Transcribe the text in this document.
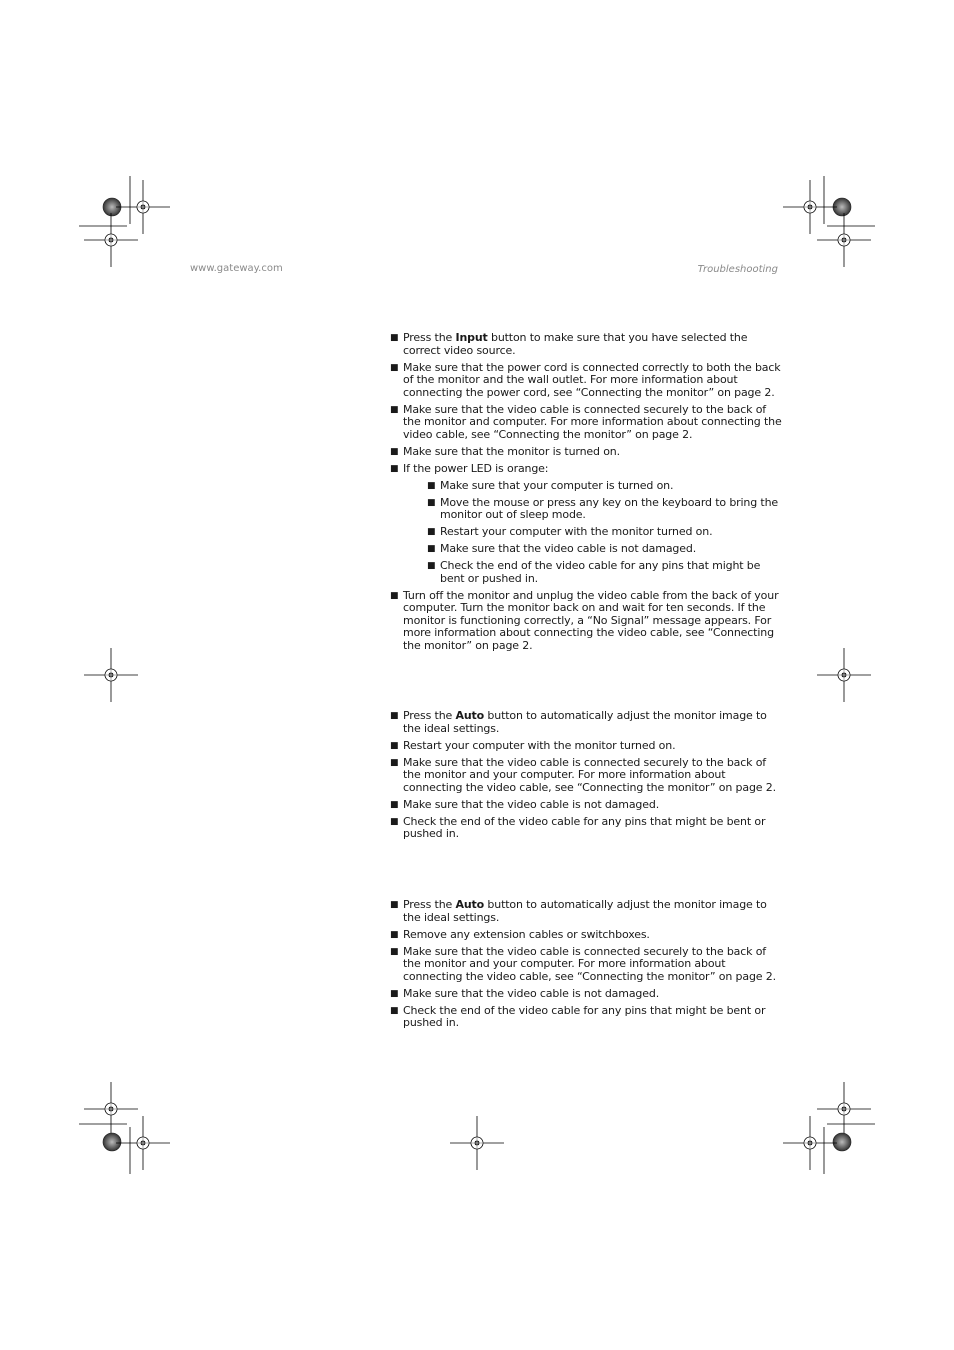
www.gateway.com	Troubleshooting
■ Press the Input button to make sure that you have selected the correct video source.
■ Make sure that the power cord is connected correctly to both the back of the monitor and the wall outlet. For more information about connecting the power cord, see “Connecting the monitor” on page 2.
■ Make sure that the video cable is connected securely to the back of the monitor and computer. For more information about connecting the video cable, see “Connecting the monitor” on page 2.
■ Make sure that the monitor is turned on.
■ If the power LED is orange:
■ Make sure that your computer is turned on.
■ Move the mouse or press any key on the keyboard to bring the monitor out of sleep mode.
■ Restart your computer with the monitor turned on.
■ Make sure that the video cable is not damaged.
■ Check the end of the video cable for any pins that might be bent or pushed in.
■ Turn off the monitor and unplug the video cable from the back of your computer. Turn the monitor back on and wait for ten seconds. If the monitor is functioning correctly, a “No Signal” message appears. For more information about connecting the video cable, see “Connecting the monitor” on page 2.
■ Press the Auto button to automatically adjust the monitor image to the ideal settings.
■ Restart your computer with the monitor turned on.
■ Make sure that the video cable is connected securely to the back of the monitor and your computer. For more information about connecting the video cable, see “Connecting the monitor” on page 2.
■ Make sure that the video cable is not damaged.
■ Check the end of the video cable for any pins that might be bent or pushed in.
■ Press the Auto button to automatically adjust the monitor image to the ideal settings.
■ Remove any extension cables or switchboxes.
■ Make sure that the video cable is connected securely to the back of the monitor and your computer. For more information about connecting the video cable, see “Connecting the monitor” on page 2.
■ Make sure that the video cable is not damaged.
■ Check the end of the video cable for any pins that might be bent or pushed in.
